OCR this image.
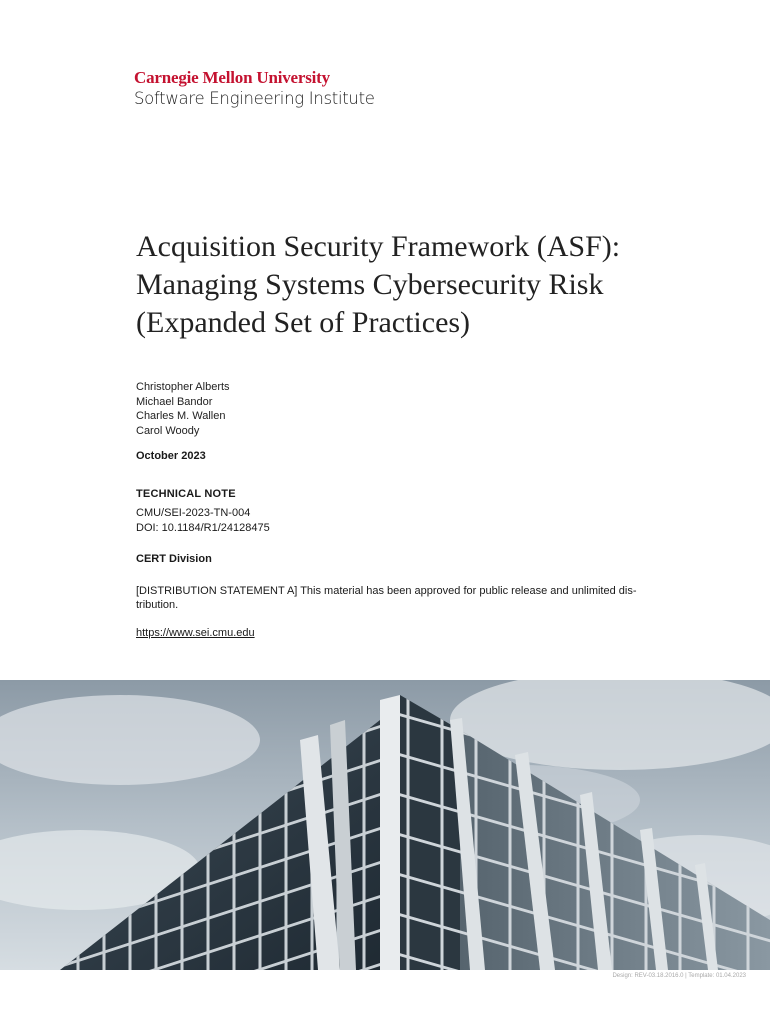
Carnegie Mellon University
Software Engineering Institute
Acquisition Security Framework (ASF):
Managing Systems Cybersecurity Risk
(Expanded Set of Practices)
Christopher Alberts
Michael Bandor
Charles M. Wallen
Carol Woody
October 2023
TECHNICAL NOTE
CMU/SEI-2023-TN-004
DOI: 10.1184/R1/24128475
CERT Division
[DISTRIBUTION STATEMENT A] This material has been approved for public release and unlimited dis-tribution.
https://www.sei.cmu.edu
Design: REV-03.18.2016.0 | Template: 01.04.2023
